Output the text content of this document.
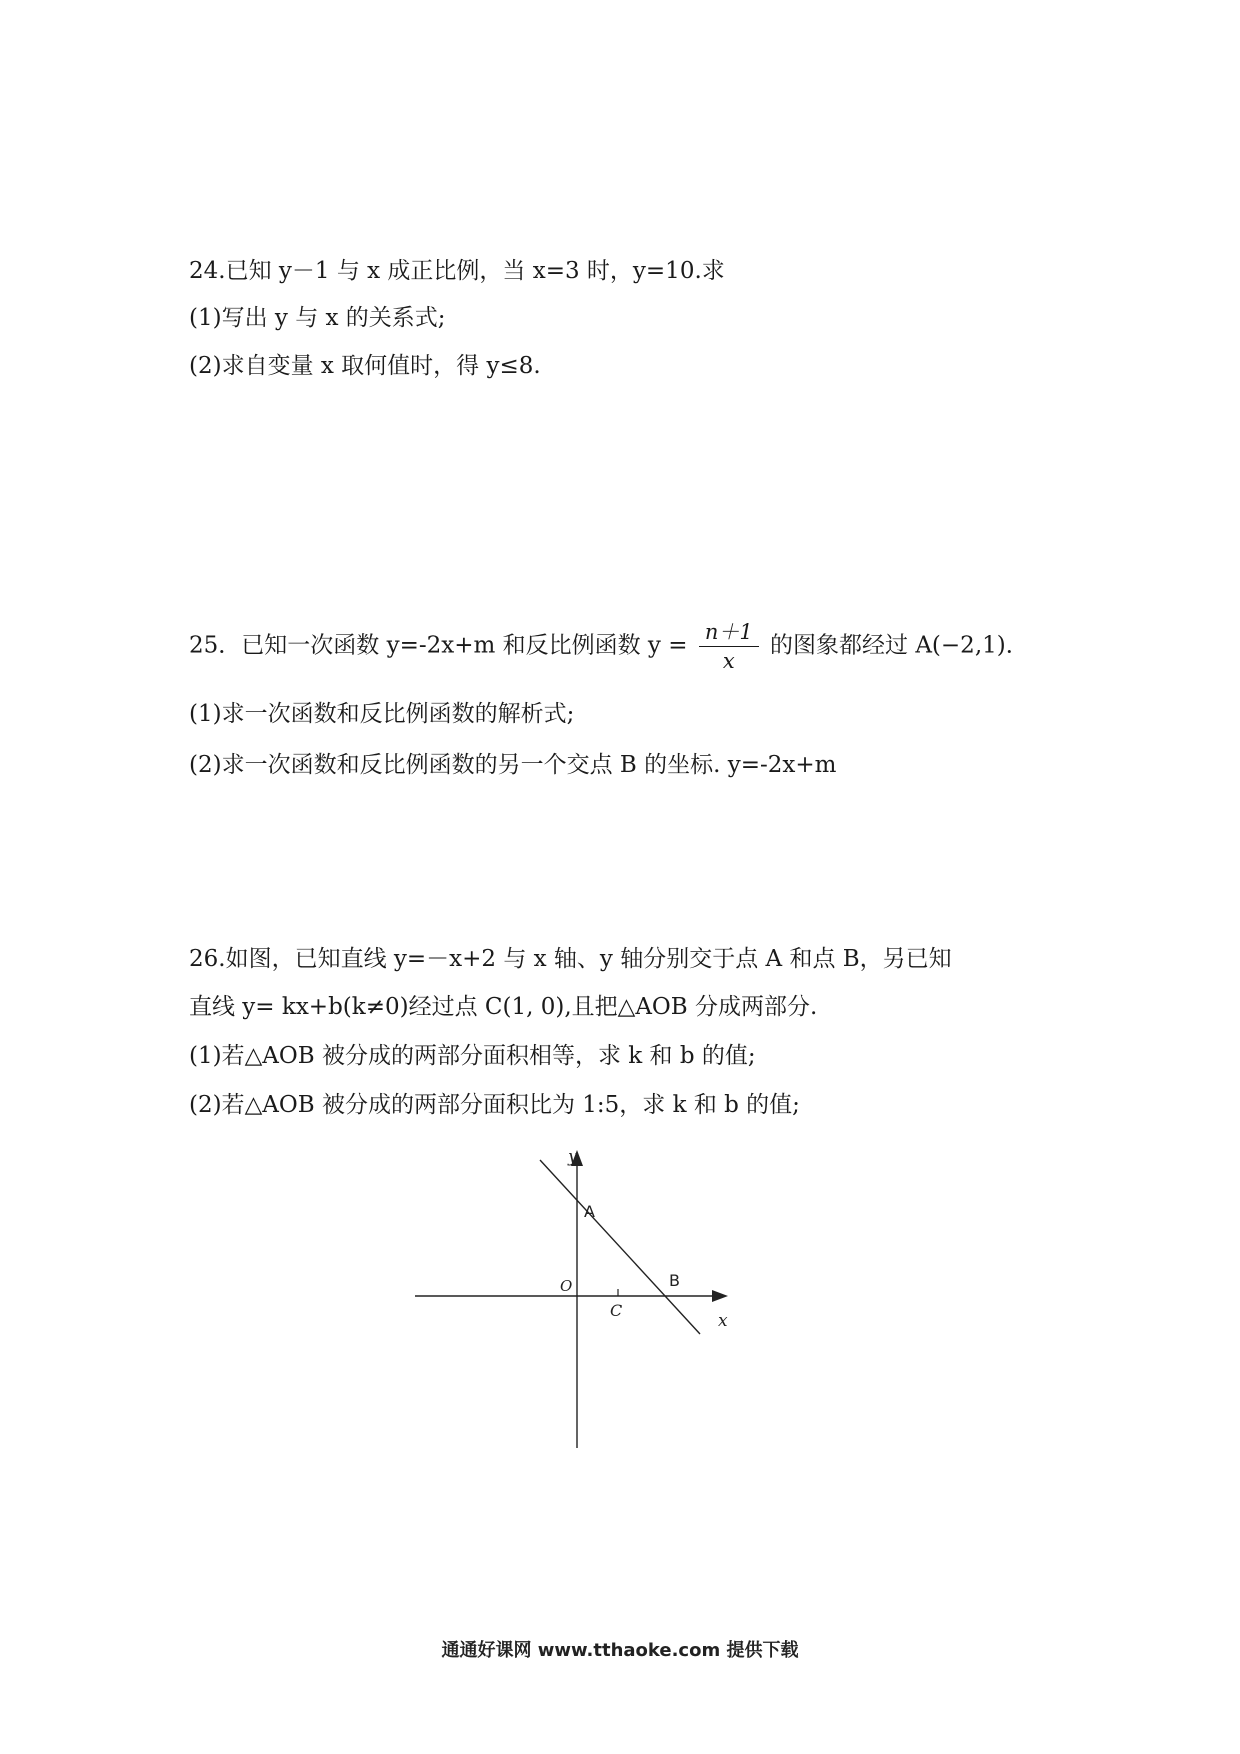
24.已知 y－1 与 x 成正比例，当 x=3 时，y=10.求
(1)写出 y 与 x 的关系式;
(2)求自变量 x 取何值时，得 y≤8.
25．已知一次函数 y=-2x+m 和反比例函数 $y = \frac{n+1}{x}$ 的图象都经过 A(−2,1)．
(1)求一次函数和反比例函数的解析式;
(2)求一次函数和反比例函数的另一个交点 B 的坐标. y=-2x+m
26.如图，已知直线 y=－x+2 与 x 轴、y 轴分别交于点 A 和点 B，另已知
直线 y= kx+b(k≠0)经过点 C(1, 0),且把△AOB 分成两部分.
(1)若△AOB 被分成的两部分面积相等，求 k 和 b 的值;
(2)若△AOB 被分成的两部分面积比为 1:5，求 k 和 b 的值;
y
x
O
A
B
C
通通好课网 www.tthaoke.com 提供下载
